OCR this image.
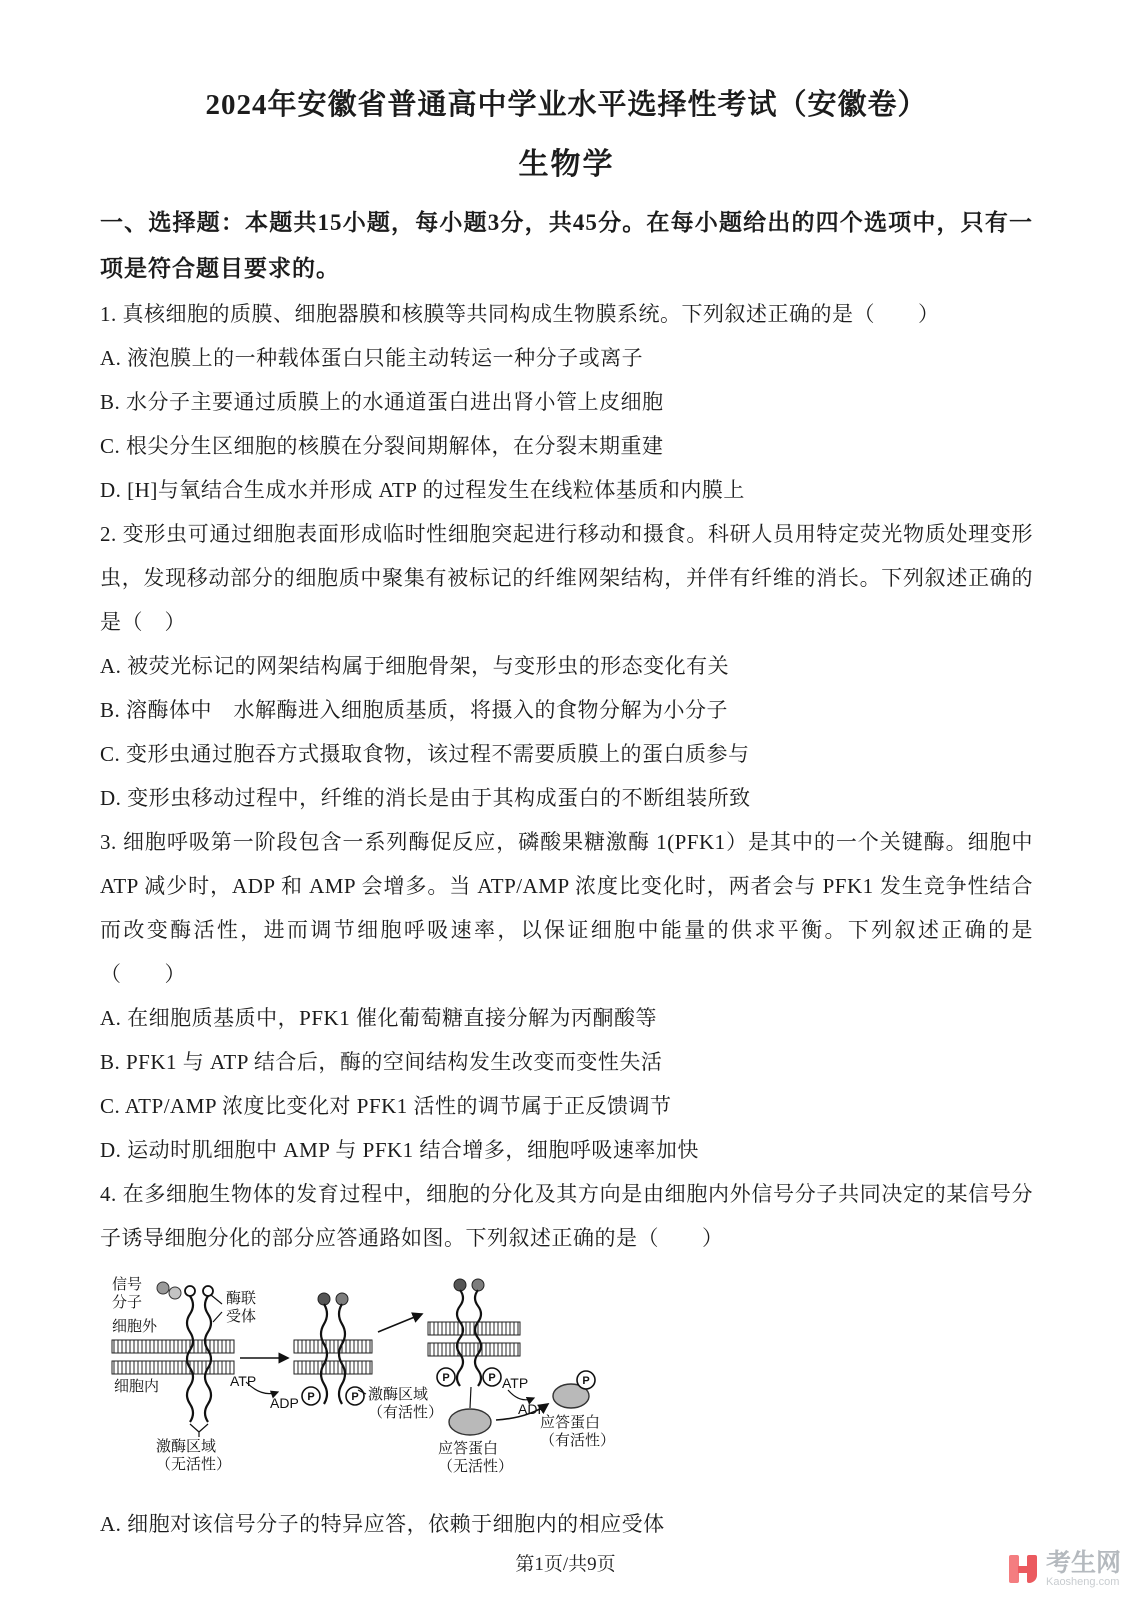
2024年安徽省普通高中学业水平选择性考试（安徽卷）
生物学

一、选择题：本题共15小题，每小题3分，共45分。在每小题给出的四个选项中，只有一项是符合题目要求的。

1. 真核细胞的质膜、细胞器膜和核膜等共同构成生物膜系统。下列叙述正确的是（　　）

A. 液泡膜上的一种载体蛋白只能主动转运一种分子或离子

B. 水分子主要通过质膜上的水通道蛋白进出肾小管上皮细胞

C. 根尖分生区细胞的核膜在分裂间期解体，在分裂末期重建

D. [H]与氧结合生成水并形成 ATP 的过程发生在线粒体基质和内膜上

2. 变形虫可通过细胞表面形成临时性细胞突起进行移动和摄食。科研人员用特定荧光物质处理变形虫，发现移动部分的细胞质中聚集有被标记的纤维网架结构，并伴有纤维的消长。下列叙述正确的是（　）

A. 被荧光标记的网架结构属于细胞骨架，与变形虫的形态变化有关

B. 溶酶体中　水解酶进入细胞质基质，将摄入的食物分解为小分子

C. 变形虫通过胞吞方式摄取食物，该过程不需要质膜上的蛋白质参与

D. 变形虫移动过程中，纤维的消长是由于其构成蛋白的不断组装所致

3. 细胞呼吸第一阶段包含一系列酶促反应，磷酸果糖激酶 1(PFK1）是其中的一个关键酶。细胞中 ATP 减少时，ADP 和 AMP 会增多。当 ATP/AMP 浓度比变化时，两者会与 PFK1 发生竞争性结合而改变酶活性，进而调节细胞呼吸速率，以保证细胞中能量的供求平衡。下列叙述正确的是（　　）

A. 在细胞质基质中，PFK1 催化葡萄糖直接分解为丙酮酸等

B. PFK1 与 ATP 结合后，酶的空间结构发生改变而变性失活

C. ATP/AMP 浓度比变化对 PFK1 活性的调节属于正反馈调节

D. 运动时肌细胞中 AMP 与 PFK1 结合增多，细胞呼吸速率加快

4. 在多细胞生物体的发育过程中，细胞的分化及其方向是由细胞内外信号分子共同决定的某信号分子诱导细胞分化的部分应答通路如图。下列叙述正确的是（　　）

P	P
P	P	P
信号
分子	酶联
受体
细胞外
细胞内	ATP
ADP
激酶区域
（无活性）
激酶区域
（有活性）
应答蛋白
（无活性）
ATP
ADP
应答蛋白
（有活性）

A. 细胞对该信号分子的特异应答，依赖于细胞内的相应受体

第1页/共9页	考生网
Kaosheng.com
